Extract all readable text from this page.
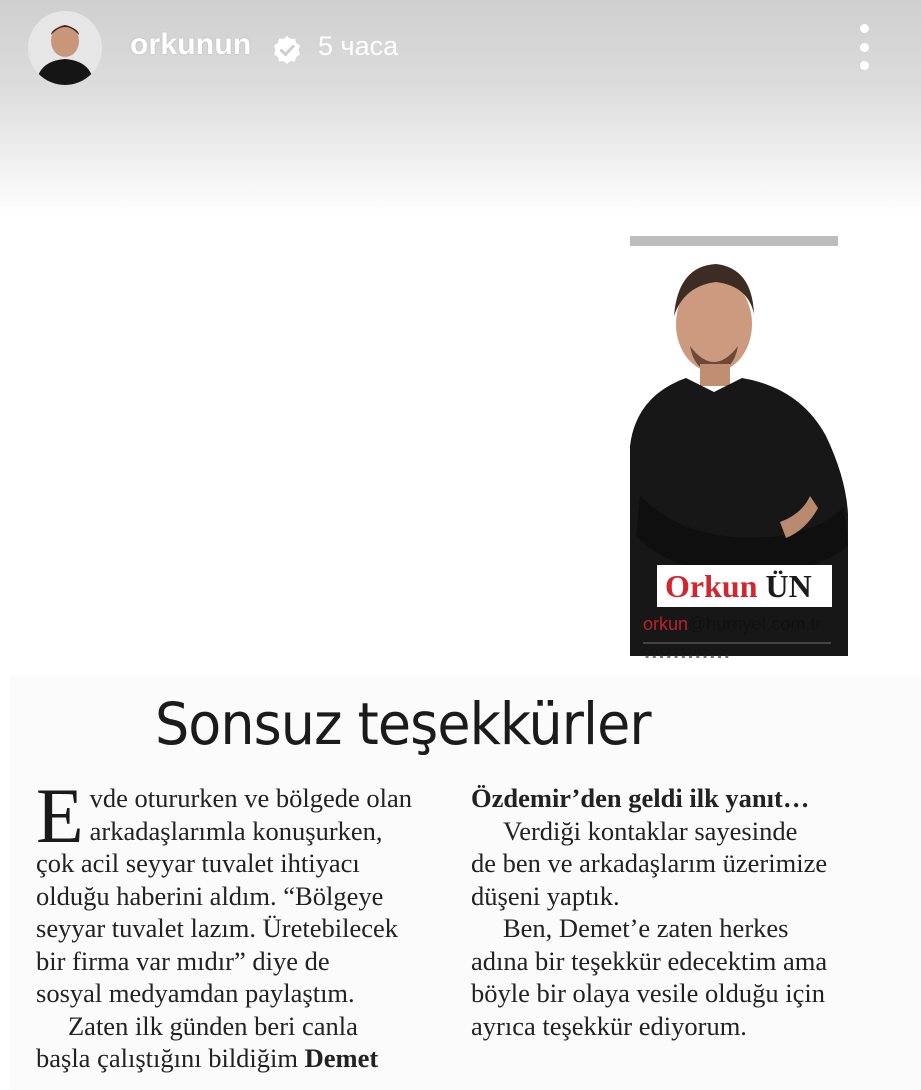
orkunun 5 часа
Orkun ÜN
orkun@hurriyet.com.tr
▪▪▪▪▪▪▪▪▪▪▪▪
Sonsuz teşekkürler
E vde otururken ve bölgede olan

arkadaşlarımla konuşurken,

çok acil seyyar tuvalet ihtiyacı

olduğu haberini aldım. “Bölgeye

seyyar tuvalet lazım. Üretebilecek

bir firma var mıdır” diye de

sosyal medyamdan paylaştım.

Zaten ilk günden beri canla

başla çalıştığını bildiğim Demet

Özdemir’den geldi ilk yanıt…

Verdiği kontaklar sayesinde

de ben ve arkadaşlarım üzerimize

düşeni yaptık.

Ben, Demet’e zaten herkes

adına bir teşekkür edecektim ama

böyle bir olaya vesile olduğu için

ayrıca teşekkür ediyorum.
